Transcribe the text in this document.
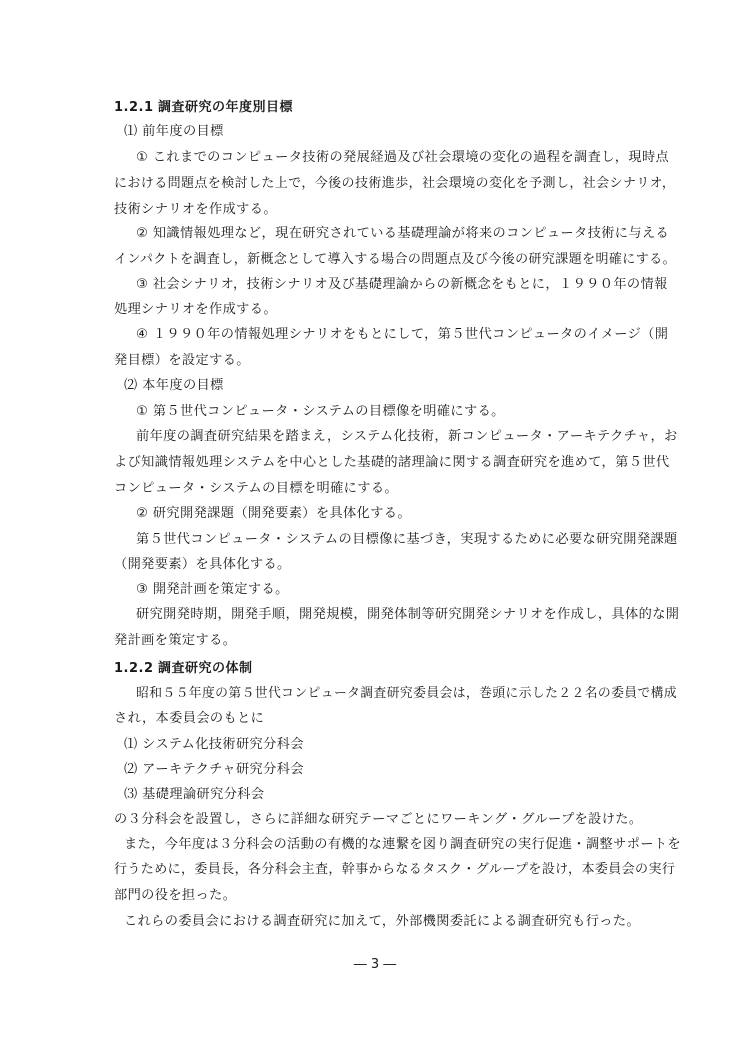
1.2.1 調査研究の年度別目標
⑴ 前年度の目標
① これまでのコンピュータ技術の発展経過及び社会環境の変化の過程を調査し，現時点
における問題点を検討した上で，今後の技術進歩，社会環境の変化を予測し，社会シナリオ，
技術シナリオを作成する。
② 知識情報処理など，現在研究されている基礎理論が将来のコンピュータ技術に与える
インパクトを調査し，新概念として導入する場合の問題点及び今後の研究課題を明確にする。
③ 社会シナリオ，技術シナリオ及び基礎理論からの新概念をもとに，１９９０年の情報
処理シナリオを作成する。
④ １９９０年の情報処理シナリオをもとにして，第５世代コンピュータのイメージ（開
発目標）を設定する。
⑵ 本年度の目標
① 第５世代コンピュータ・システムの目標像を明確にする。
前年度の調査研究結果を踏まえ，システム化技術，新コンピュータ・アーキテクチャ，お
よび知識情報処理システムを中心とした基礎的諸理論に関する調査研究を進めて，第５世代
コンピュータ・システムの目標を明確にする。
② 研究開発課題（開発要素）を具体化する。
第５世代コンピュータ・システムの目標像に基づき，実現するために必要な研究開発課題
（開発要素）を具体化する。
③ 開発計画を策定する。
研究開発時期，開発手順，開発規模，開発体制等研究開発シナリオを作成し，具体的な開
発計画を策定する。
1.2.2 調査研究の体制
昭和５５年度の第５世代コンピュータ調査研究委員会は，巻頭に示した２２名の委員で構成
され，本委員会のもとに
⑴ システム化技術研究分科会
⑵ アーキテクチャ研究分科会
⑶ 基礎理論研究分科会
の３分科会を設置し，さらに詳細な研究テーマごとにワーキング・グループを設けた。
また，今年度は３分科会の活動の有機的な連繋を図り調査研究の実行促進・調整サポートを
行うために，委員長，各分科会主査，幹事からなるタスク・グループを設け，本委員会の実行
部門の役を担った。
これらの委員会における調査研究に加えて，外部機関委託による調査研究も行った。
― 3 ―
